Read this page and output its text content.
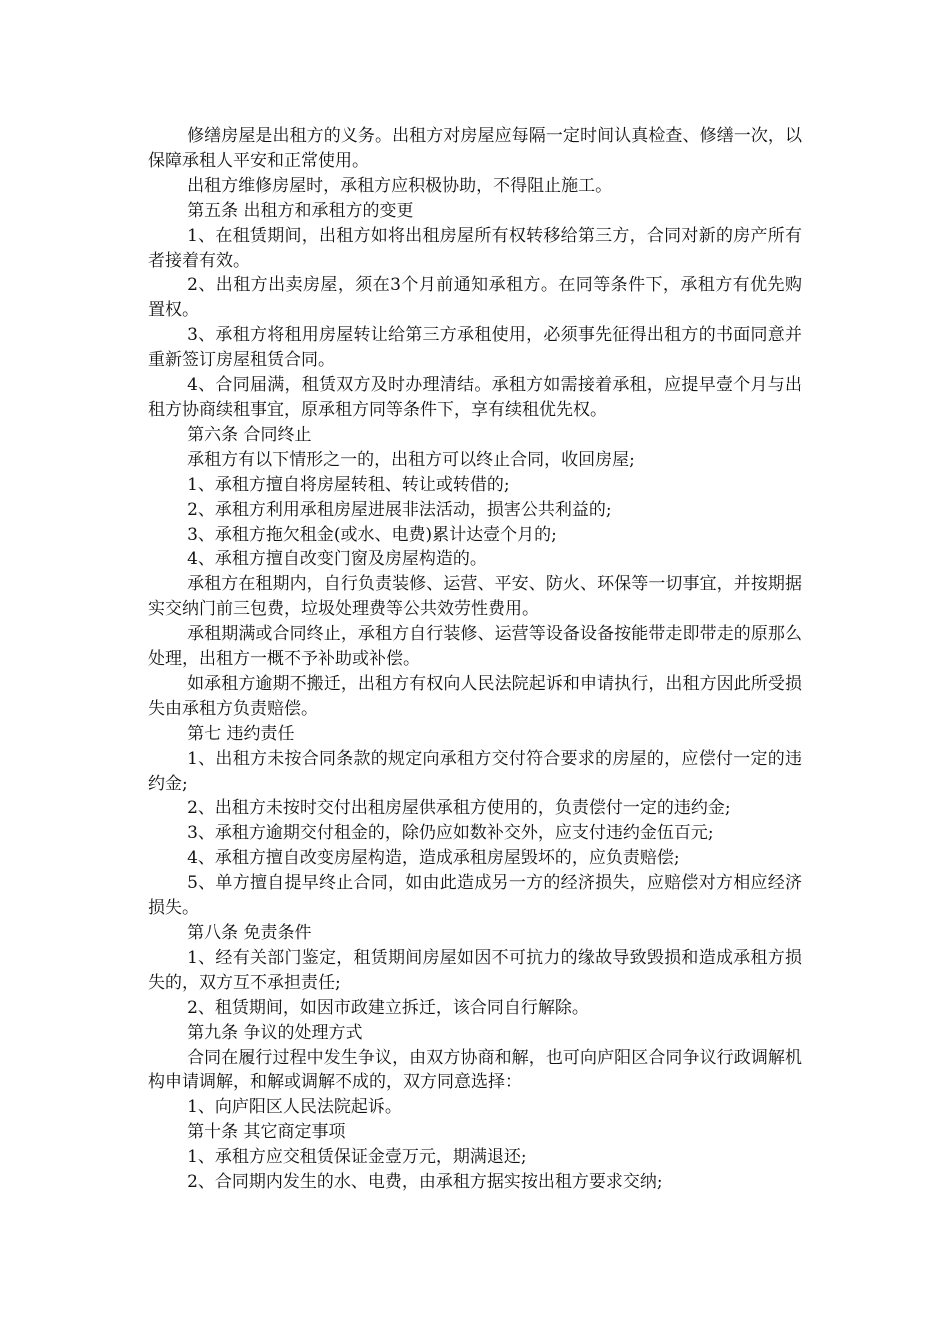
修缮房屋是出租方的义务。出租方对房屋应每隔一定时间认真检查、修缮一次，以保障承租人平安和正常使用。

出租方维修房屋时，承租方应积极协助，不得阻止施工。

第五条 出租方和承租方的变更

1、在租赁期间，出租方如将出租房屋所有权转移给第三方，合同对新的房产所有者接着有效。

2、出租方出卖房屋，须在3个月前通知承租方。在同等条件下，承租方有优先购置权。

3、承租方将租用房屋转让给第三方承租使用，必须事先征得出租方的书面同意并重新签订房屋租赁合同。

4、合同届满，租赁双方及时办理清结。承租方如需接着承租，应提早壹个月与出租方协商续租事宜，原承租方同等条件下，享有续租优先权。

第六条 合同终止

承租方有以下情形之一的，出租方可以终止合同，收回房屋;

1、承租方擅自将房屋转租、转让或转借的;

2、承租方利用承租房屋进展非法活动，损害公共利益的;

3、承租方拖欠租金(或水、电费)累计达壹个月的;

4、承租方擅自改变门窗及房屋构造的。

承租方在租期内，自行负责装修、运营、平安、防火、环保等一切事宜，并按期据实交纳门前三包费，垃圾处理费等公共效劳性费用。

承租期满或合同终止，承租方自行装修、运营等设备设备按能带走即带走的原那么处理，出租方一概不予补助或补偿。

如承租方逾期不搬迁，出租方有权向人民法院起诉和申请执行，出租方因此所受损失由承租方负责赔偿。

第七 违约责任

1、出租方未按合同条款的规定向承租方交付符合要求的房屋的，应偿付一定的违约金;

2、出租方未按时交付出租房屋供承租方使用的，负责偿付一定的违约金;

3、承租方逾期交付租金的，除仍应如数补交外，应支付违约金伍百元;

4、承租方擅自改变房屋构造，造成承租房屋毁坏的，应负责赔偿;

5、单方擅自提早终止合同，如由此造成另一方的经济损失，应赔偿对方相应经济损失。

第八条 免责条件

1、经有关部门鉴定，租赁期间房屋如因不可抗力的缘故导致毁损和造成承租方损失的，双方互不承担责任;

2、租赁期间，如因市政建立拆迁，该合同自行解除。

第九条 争议的处理方式

合同在履行过程中发生争议，由双方协商和解，也可向庐阳区合同争议行政调解机构申请调解，和解或调解不成的，双方同意选择：

1、向庐阳区人民法院起诉。

第十条 其它商定事项

1、承租方应交租赁保证金壹万元，期满退还;

2、合同期内发生的水、电费，由承租方据实按出租方要求交纳;
